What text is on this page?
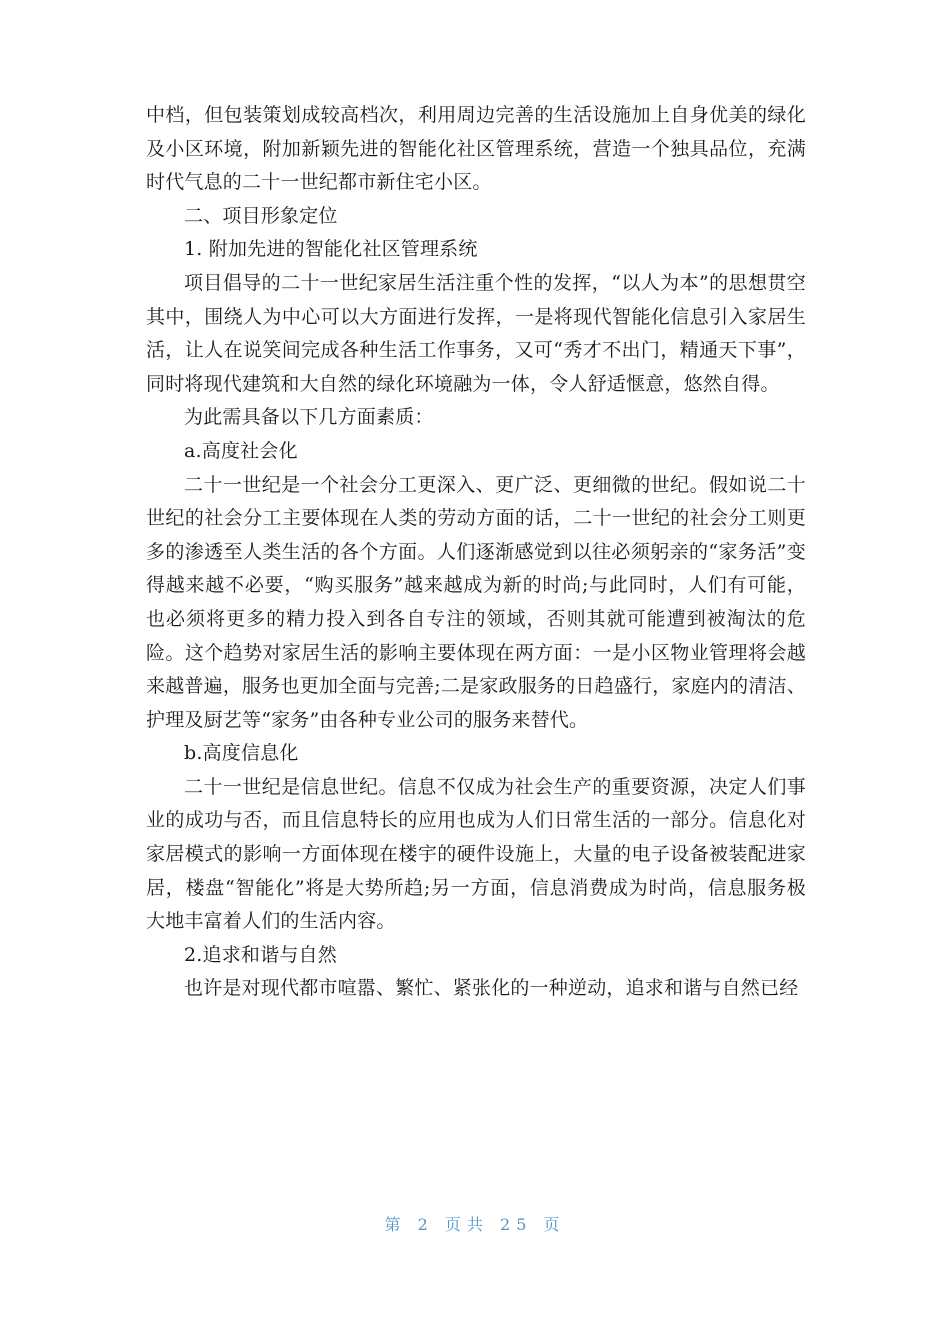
中档，但包装策划成较高档次，利用周边完善的生活设施加上自身优美的绿化及小区环境，附加新颖先进的智能化社区管理系统，营造一个独具品位，充满时代气息的二十一世纪都市新住宅小区。

二、项目形象定位

1. 附加先进的智能化社区管理系统

项目倡导的二十一世纪家居生活注重个性的发挥，“以人为本”的思想贯空其中，围绕人为中心可以大方面进行发挥，一是将现代智能化信息引入家居生活，让人在说笑间完成各种生活工作事务，又可“秀才不出门，精通天下事”，同时将现代建筑和大自然的绿化环境融为一体，令人舒适惬意，悠然自得。

为此需具备以下几方面素质：

a.高度社会化

二十一世纪是一个社会分工更深入、更广泛、更细微的世纪。假如说二十世纪的社会分工主要体现在人类的劳动方面的话，二十一世纪的社会分工则更多的渗透至人类生活的各个方面。人们逐渐感觉到以往必须躬亲的“家务活”变得越来越不必要，“购买服务”越来越成为新的时尚;与此同时，人们有可能，也必须将更多的精力投入到各自专注的领域，否则其就可能遭到被淘汰的危险。这个趋势对家居生活的影响主要体现在两方面：一是小区物业管理将会越来越普遍，服务也更加全面与完善;二是家政服务的日趋盛行，家庭内的清洁、护理及厨艺等“家务”由各种专业公司的服务来替代。

b.高度信息化

二十一世纪是信息世纪。信息不仅成为社会生产的重要资源，决定人们事业的成功与否，而且信息特长的应用也成为人们日常生活的一部分。信息化对家居模式的影响一方面体现在楼宇的硬件设施上，大量的电子设备被装配进家居，楼盘“智能化”将是大势所趋;另一方面，信息消费成为时尚，信息服务极大地丰富着人们的生活内容。

2.追求和谐与自然

也许是对现代都市喧嚣、繁忙、紧张化的一种逆动，追求和谐与自然已经

第 2 页共 25 页
